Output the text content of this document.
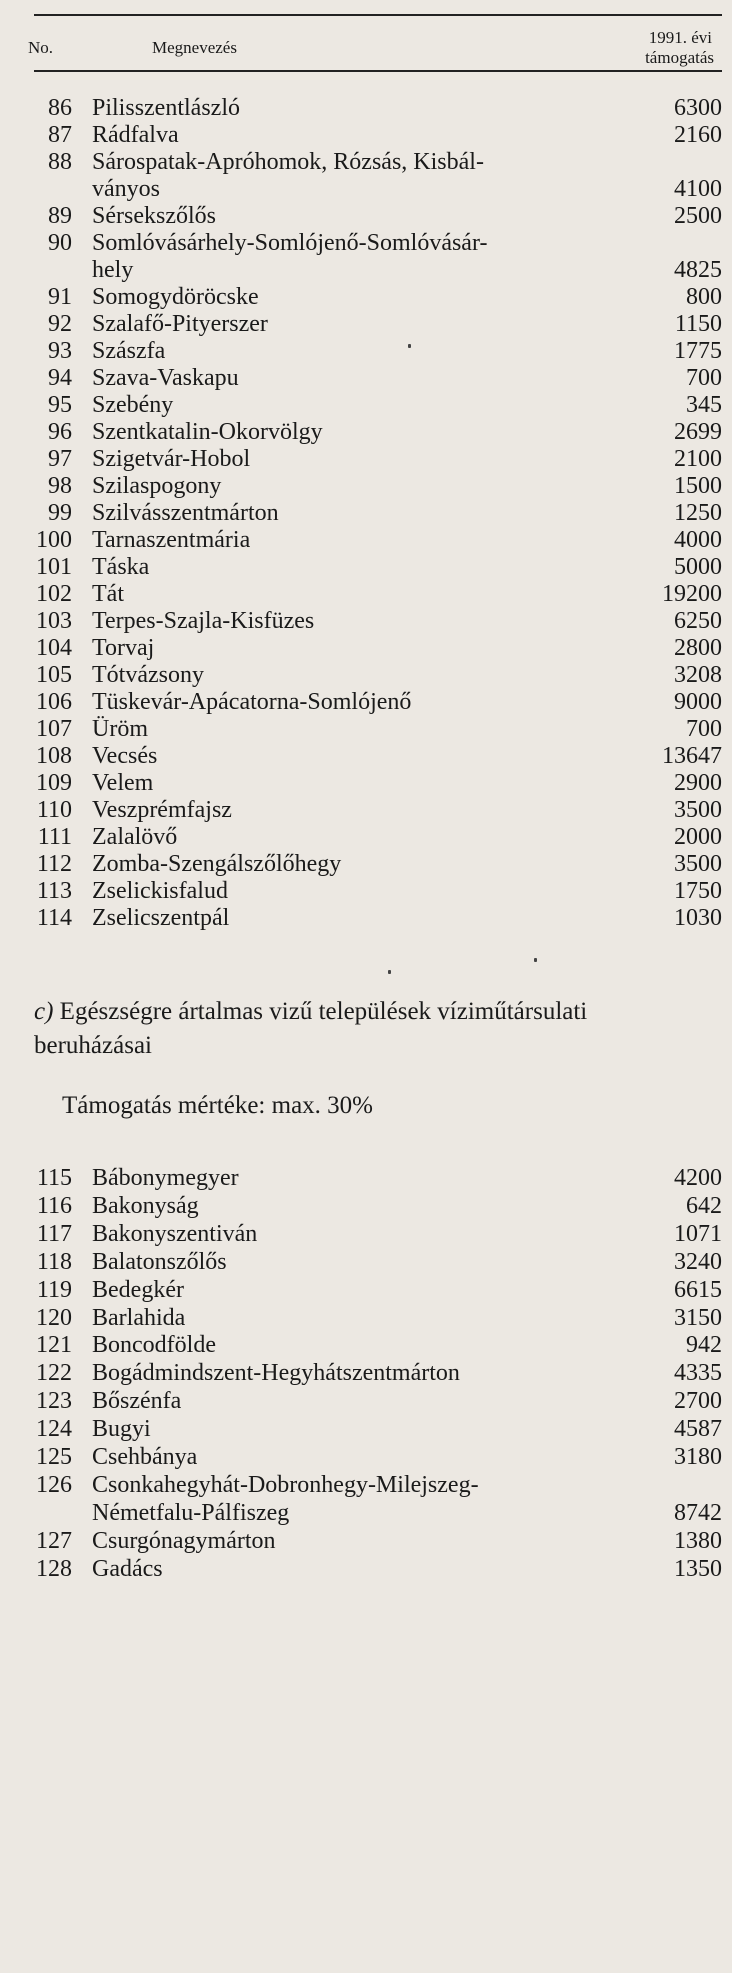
No.	Megnevezés
1991. évi
támogatás
86 Pilisszentlászló	6300
87 Rádfalva	2160
88 Sárospatak-Apróhomok, Rózsás, Kisbál-
ványos	4100
89 Sérsekszőlős	2500
90 Somlóvásárhely-Somlójenő-Somlóvásár-
hely	4825
91 Somogydöröcske	800
92 Szalafő-Pityerszer	1150
93 Szászfa	1775
94 Szava-Vaskapu	700
95 Szebény	345
96 Szentkatalin-Okorvölgy	2699
97 Szigetvár-Hobol	2100
98 Szilaspogony	1500
99 Szilvásszentmárton	1250
100 Tarnaszentmária	4000
101 Táska	5000
102 Tát	19200
103 Terpes-Szajla-Kisfüzes	6250
104 Torvaj	2800
105 Tótvázsony	3208
106 Tüskevár-Apácatorna-Somlójenő	9000
107 Üröm	700
108 Vecsés	13647
109 Velem	2900
110 Veszprémfajsz	3500
111 Zalalövő	2000
112 Zomba-Szengálszőlőhegy	3500
113 Zselickisfalud	1750
114 Zselicszentpál	1030
c) Egészségre ártalmas vizű települések víziműtársulati
beruházásai
Támogatás mértéke: max. 30%
115 Bábonymegyer	4200
116 Bakonyság	642
117 Bakonyszentiván	1071
118 Balatonszőlős	3240
119 Bedegkér	6615
120 Barlahida	3150
121 Boncodfölde	942
122 Bogádmindszent-Hegyhátszentmárton	4335
123 Bőszénfa	2700
124 Bugyi	4587
125 Csehbánya	3180
126 Csonkahegyhát-Dobronhegy-Milejszeg-
Németfalu-Pálfiszeg	8742
127 Csurgónagymárton	1380
128 Gadács	1350
